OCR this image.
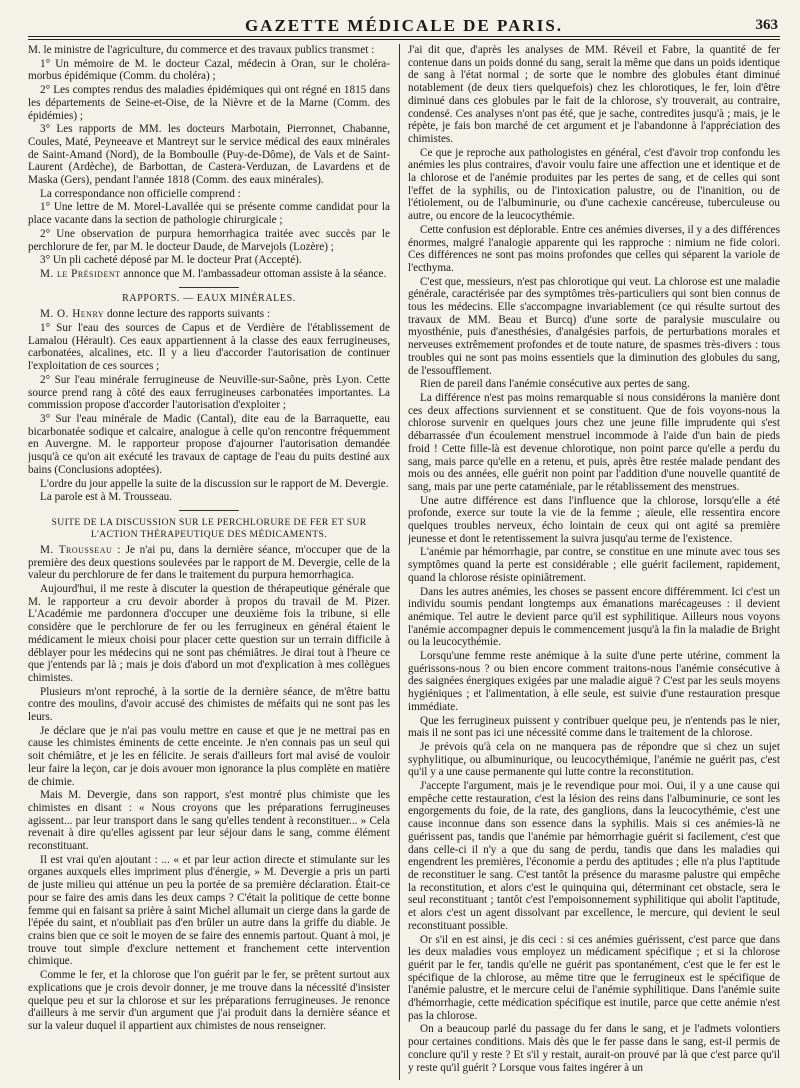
GAZETTE MÉDICALE DE PARIS.	363

M. le ministre de l'agriculture, du commerce et des travaux publics transmet :

1° Un mémoire de M. le docteur Cazal, médecin à Oran, sur le choléra-morbus épidémique (Comm. du choléra) ;

2° Les comptes rendus des maladies épidémiques qui ont régné en 1815 dans les départements de Seine-et-Oise, de la Nièvre et de la Marne (Comm. des épidémies) ;

3° Les rapports de MM. les docteurs Marbotain, Pierronnet, Chabanne, Coules, Maté, Peyneeave et Mantreyt sur le service médical des eaux minérales de Saint-Amand (Nord), de la Bomboulle (Puy-de-Dôme), de Vals et de Saint-Laurent (Ardèche), de Barbottan, de Castera-Verduzan, de Lavardens et de Maska (Gers), pendant l'année 1818 (Comm. des eaux minérales).

La correspondance non officielle comprend :

1° Une lettre de M. Morel-Lavallée qui se présente comme candidat pour la place vacante dans la section de pathologie chirurgicale ;

2° Une observation de purpura hemorrhagica traitée avec succès par le perchlorure de fer, par M. le docteur Daude, de Marvejols (Lozère) ;

3° Un pli cacheté déposé par M. le docteur Prat (Accepté).

M. le Président annonce que M. l'ambassadeur ottoman assiste à la séance.

RAPPORTS. — EAUX MINÉRALES.

M. O. Henry donne lecture des rapports suivants :

1° Sur l'eau des sources de Capus et de Verdière de l'établissement de Lamalou (Hérault). Ces eaux appartiennent à la classe des eaux ferrugineuses, carbonatées, alcalines, etc. Il y a lieu d'accorder l'autorisation de continuer l'exploitation de ces sources ;

2° Sur l'eau minérale ferrugineuse de Neuville-sur-Saône, près Lyon. Cette source prend rang à côté des eaux ferrugineuses carbonatées importantes. La commission propose d'accorder l'autorisation d'exploiter ;

3° Sur l'eau minérale de Madic (Cantal), dite eau de la Barraquette, eau bicarbonatée sodique et calcaire, analogue à celle qu'on rencontre fréquemment en Auvergne. M. le rapporteur propose d'ajourner l'autorisation demandée jusqu'à ce qu'on ait exécuté les travaux de captage de l'eau du puits destiné aux bains (Conclusions adoptées).

L'ordre du jour appelle la suite de la discussion sur le rapport de M. Devergie.

La parole est à M. Trousseau.

SUITE DE LA DISCUSSION SUR LE PERCHLORURE DE FER ET SUR L'ACTION THÉRAPEUTIQUE DES MÉDICAMENTS.

M. Trousseau : Je n'ai pu, dans la dernière séance, m'occuper que de la première des deux questions soulevées par le rapport de M. Devergie, celle de la valeur du perchlorure de fer dans le traitement du purpura hemorrhagica.

Aujourd'hui, il me reste à discuter la question de thérapeutique générale que M. le rapporteur a cru devoir aborder à propos du travail de M. Pizer. L'Académie me pardonnera d'occuper une deuxième fois la tribune, si elle considère que le perchlorure de fer ou les ferrugineux en général étaient le médicament le mieux choisi pour placer cette question sur un terrain difficile à déblayer pour les médecins qui ne sont pas chémiâtres. Je dirai tout à l'heure ce que j'entends par là ; mais je dois d'abord un mot d'explication à mes collègues chimistes.

Plusieurs m'ont reproché, à la sortie de la dernière séance, de m'être battu contre des moulins, d'avoir accusé des chimistes de méfaits qui ne sont pas les leurs.

Je déclare que je n'ai pas voulu mettre en cause et que je ne mettrai pas en cause les chimistes éminents de cette enceinte. Je n'en connais pas un seul qui soit chémiâtre, et je les en félicite. Je serais d'ailleurs fort mal avisé de vouloir leur faire la leçon, car je dois avouer mon ignorance la plus complète en matière de chimie.

Mais M. Devergie, dans son rapport, s'est montré plus chimiste que les chimistes en disant : « Nous croyons que les préparations ferrugineuses agissent... par leur transport dans le sang qu'elles tendent à reconstituer... » Cela revenait à dire qu'elles agissent par leur séjour dans le sang, comme élément reconstituant.

Il est vrai qu'en ajoutant : ... « et par leur action directe et stimulante sur les organes auxquels elles impriment plus d'énergie, » M. Devergie a pris un parti de juste milieu qui atténue un peu la portée de sa première déclaration. Était-ce pour se faire des amis dans les deux camps ? C'était la politique de cette bonne femme qui en faisant sa prière à saint Michel allumait un cierge dans la garde de l'épée du saint, et n'oubliait pas d'en brûler un autre dans la griffe du diable. Je crains bien que ce soit le moyen de se faire des ennemis partout. Quant à moi, je trouve tout simple d'exclure nettement et franchement cette intervention chimique.

Comme le fer, et la chlorose que l'on guérit par le fer, se prêtent surtout aux explications que je crois devoir donner, je me trouve dans la nécessité d'insister quelque peu et sur la chlorose et sur les préparations ferrugineuses. Je renonce d'ailleurs à me servir d'un argument que j'ai produit dans la dernière séance et sur la valeur duquel il appartient aux chimistes de nous renseigner.

J'ai dit que, d'après les analyses de MM. Réveil et Fabre, la quantité de fer contenue dans un poids donné du sang, serait la même que dans un poids identique de sang à l'état normal ; de sorte que le nombre des globules étant diminué notablement (de deux tiers quelquefois) chez les chlorotiques, le fer, loin d'être diminué dans ces globules par le fait de la chlorose, s'y trouverait, au contraire, condensé. Ces analyses n'ont pas été, que je sache, contredites jusqu'à ; mais, je le répète, je fais bon marché de cet argument et je l'abandonne à l'appréciation des chimistes.

Ce que je reproche aux pathologistes en général, c'est d'avoir trop confondu les anémies les plus contraires, d'avoir voulu faire une affection une et identique et de la chlorose et de l'anémie produites par les pertes de sang, et de celles qui sont l'effet de la syphilis, ou de l'intoxication palustre, ou de l'inanition, ou de l'étiolement, ou de l'albuminurie, ou d'une cachexie cancéreuse, tuberculeuse ou autre, ou encore de la leucocythémie.

Cette confusion est déplorable. Entre ces anémies diverses, il y a des différences énormes, malgré l'analogie apparente qui les rapproche : nimium ne fide colori. Ces différences ne sont pas moins profondes que celles qui séparent la variole de l'ecthyma.

C'est que, messieurs, n'est pas chlorotique qui veut. La chlorose est une maladie générale, caractérisée par des symptômes très-particuliers qui sont bien connus de tous les médecins. Elle s'accompagne invariablement (ce qui résulte surtout des travaux de MM. Beau et Burcq) d'une sorte de paralysie musculaire ou myosthénie, puis d'anesthésies, d'analgésies parfois, de perturbations morales et nerveuses extrêmement profondes et de toute nature, de spasmes très-divers : tous troubles qui ne sont pas moins essentiels que la diminution des globules du sang, de l'essoufflement.

Rien de pareil dans l'anémie consécutive aux pertes de sang.

La différence n'est pas moins remarquable si nous considérons la manière dont ces deux affections surviennent et se constituent. Que de fois voyons-nous la chlorose survenir en quelques jours chez une jeune fille imprudente qui s'est débarrassée d'un écoulement menstruel incommode à l'aide d'un bain de pieds froid ! Cette fille-là est devenue chlorotique, non point parce qu'elle a perdu du sang, mais parce qu'elle en a retenu, et puis, après être restée malade pendant des mois ou des années, elle guérit non point par l'addition d'une nouvelle quantité de sang, mais par une perte cataméniale, par le rétablissement des menstrues.

Une autre différence est dans l'influence que la chlorose, lorsqu'elle a été profonde, exerce sur toute la vie de la femme ; aïeule, elle ressentira encore quelques troubles nerveux, écho lointain de ceux qui ont agité sa première jeunesse et dont le retentissement la suivra jusqu'au terme de l'existence.

L'anémie par hémorrhagie, par contre, se constitue en une minute avec tous ses symptômes quand la perte est considérable ; elle guérit facilement, rapidement, quand la chlorose résiste opiniâtrement.

Dans les autres anémies, les choses se passent encore différemment. Ici c'est un individu soumis pendant longtemps aux émanations marécageuses : il devient anémique. Tel autre le devient parce qu'il est syphilitique. Ailleurs nous voyons l'anémie accompagner depuis le commencement jusqu'à la fin la maladie de Bright ou la leucocythémie.

Lorsqu'une femme reste anémique à la suite d'une perte utérine, comment la guérissons-nous ? ou bien encore comment traitons-nous l'anémie consécutive à des saignées énergiques exigées par une maladie aiguë ? C'est par les seuls moyens hygiéniques ; et l'alimentation, à elle seule, est suivie d'une restauration presque immédiate.

Que les ferrugineux puissent y contribuer quelque peu, je n'entends pas le nier, mais il ne sont pas ici une nécessité comme dans le traitement de la chlorose.

Je prévois qu'à cela on ne manquera pas de répondre que si chez un sujet syphylitique, ou albuminurique, ou leucocythémique, l'anémie ne guérit pas, c'est qu'il y a une cause permanente qui lutte contre la reconstitution.

J'accepte l'argument, mais je le revendique pour moi. Oui, il y a une cause qui empêche cette restauration, c'est la lésion des reins dans l'albuminurie, ce sont les engorgements du foie, de la rate, des ganglions, dans la leucocythémie, c'est une cause inconnue dans son essence dans la syphilis. Mais si ces anémies-là ne guérissent pas, tandis que l'anémie par hémorrhagie guérit si facilement, c'est que dans celle-ci il n'y a que du sang de perdu, tandis que dans les maladies qui engendrent les premières, l'économie a perdu des aptitudes ; elle n'a plus l'aptitude de reconstituer le sang. C'est tantôt la présence du marasme palustre qui empêche la reconstitution, et alors c'est le quinquina qui, déterminant cet obstacle, sera le seul reconstituant ; tantôt c'est l'empoisonnement syphilitique qui abolit l'aptitude, et alors c'est un agent dissolvant par excellence, le mercure, qui devient le seul reconstituant possible.

Or s'il en est ainsi, je dis ceci : si ces anémies guérissent, c'est parce que dans les deux maladies vous employez un médicament spécifique ; et si la chlorose guérit par le fer, tandis qu'elle ne guérit pas spontanément, c'est que le fer est le spécifique de la chlorose, au même titre que le ferrugineux est le spécifique de l'anémie palustre, et le mercure celui de l'anémie syphilitique. Dans l'anémie suite d'hémorrhagie, cette médication spécifique est inutile, parce que cette anémie n'est pas la chlorose.

On a beaucoup parlé du passage du fer dans le sang, et je l'admets volontiers pour certaines conditions. Mais dès que le fer passe dans le sang, est-il permis de conclure qu'il y reste ? Et s'il y restait, aurait-on prouvé par là que c'est parce qu'il y reste qu'il guérit ? Lorsque vous faites ingérer à un
